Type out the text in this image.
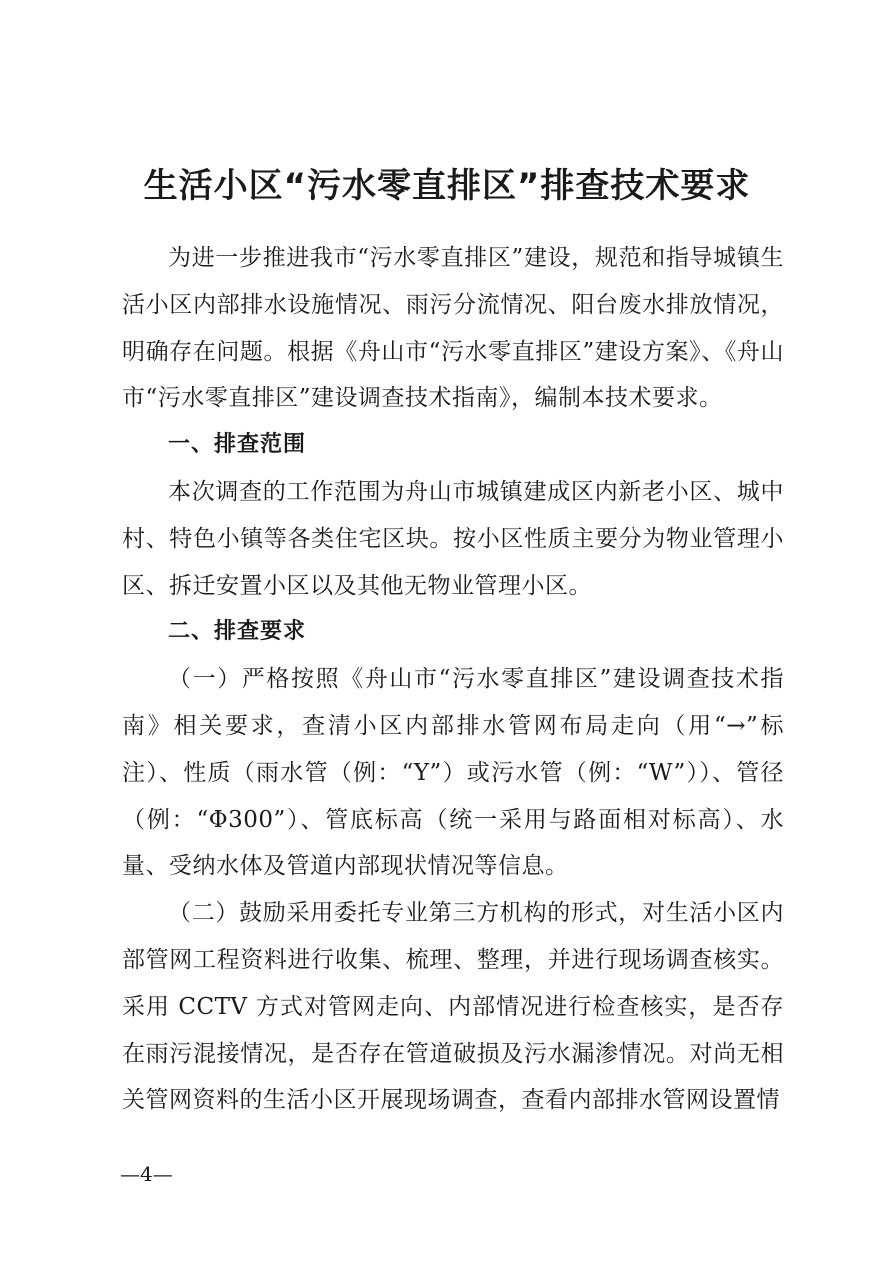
生活小区“污水零直排区”排查技术要求

为进一步推进我市“污水零直排区”建设，规范和指导城镇生活小区内部排水设施情况、雨污分流情况、阳台废水排放情况，明确存在问题。根据《舟山市“污水零直排区”建设方案》、《舟山市“污水零直排区”建设调查技术指南》，编制本技术要求。

一、排查范围

本次调查的工作范围为舟山市城镇建成区内新老小区、城中村、特色小镇等各类住宅区块。按小区性质主要分为物业管理小区、拆迁安置小区以及其他无物业管理小区。

二、排查要求

（一）严格按照《舟山市“污水零直排区”建设调查技术指南》相关要求，查清小区内部排水管网布局走向（用“→”标注）、性质（雨水管（例：“Y”）或污水管（例：“W”））、管径（例：“Φ300”）、管底标高（统一采用与路面相对标高）、水量、受纳水体及管道内部现状情况等信息。

（二）鼓励采用委托专业第三方机构的形式，对生活小区内部管网工程资料进行收集、梳理、整理，并进行现场调查核实。采用 CCTV 方式对管网走向、内部情况进行检查核实，是否存在雨污混接情况，是否存在管道破损及污水漏渗情况。对尚无相关管网资料的生活小区开展现场调查，查看内部排水管网设置情

—4—
